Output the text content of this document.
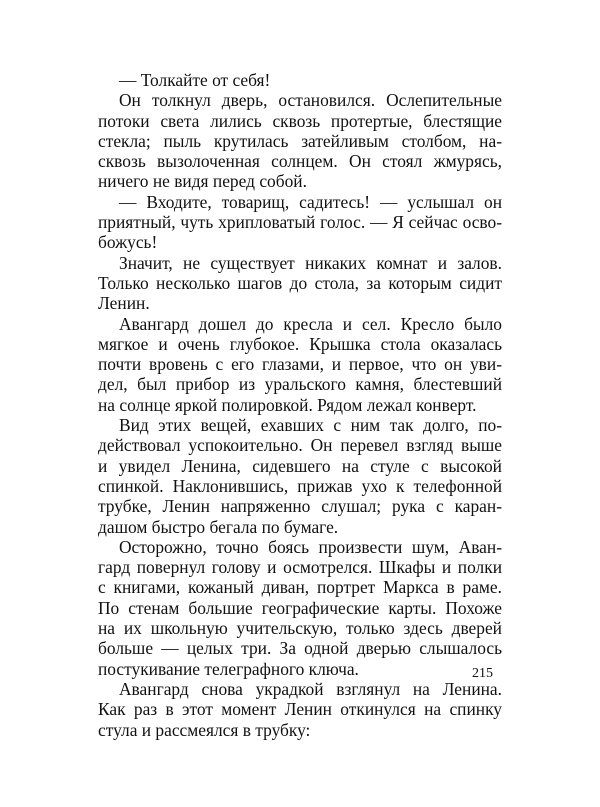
— Толкайте от себя!

Он толкнул дверь, остановился. Ослепительные
потоки света лились сквозь протертые, блестящие
стекла; пыль крутилась затейливым столбом, на-
сквозь вызолоченная солнцем. Он стоял жмурясь,
ничего не видя перед собой.

— Входите, товарищ, садитесь! — услышал он
приятный, чуть хрипловатый голос. — Я сейчас осво-
божусь!

Значит, не существует никаких комнат и залов.
Только несколько шагов до стола, за которым сидит
Ленин.

Авангард дошел до кресла и сел. Кресло было
мягкое и очень глубокое. Крышка стола оказалась
почти вровень с его глазами, и первое, что он уви-
дел, был прибор из уральского камня, блестевший
на солнце яркой полировкой. Рядом лежал конверт.

Вид этих вещей, ехавших с ним так долго, по-
действовал успокоительно. Он перевел взгляд выше
и увидел Ленина, сидевшего на стуле с высокой
спинкой. Наклонившись, прижав ухо к телефонной
трубке, Ленин напряженно слушал; рука с каран-
дашом быстро бегала по бумаге.

Осторожно, точно боясь произвести шум, Аван-
гард повернул голову и осмотрелся. Шкафы и полки
с книгами, кожаный диван, портрет Маркса в раме.
По стенам большие географические карты. Похоже
на их школьную учительскую, только здесь дверей
больше — целых три. За одной дверью слышалось
постукивание телеграфного ключа.

Авангард снова украдкой взглянул на Ленина.
Как раз в этот момент Ленин откинулся на спинку
стула и рассмеялся в трубку:

215
